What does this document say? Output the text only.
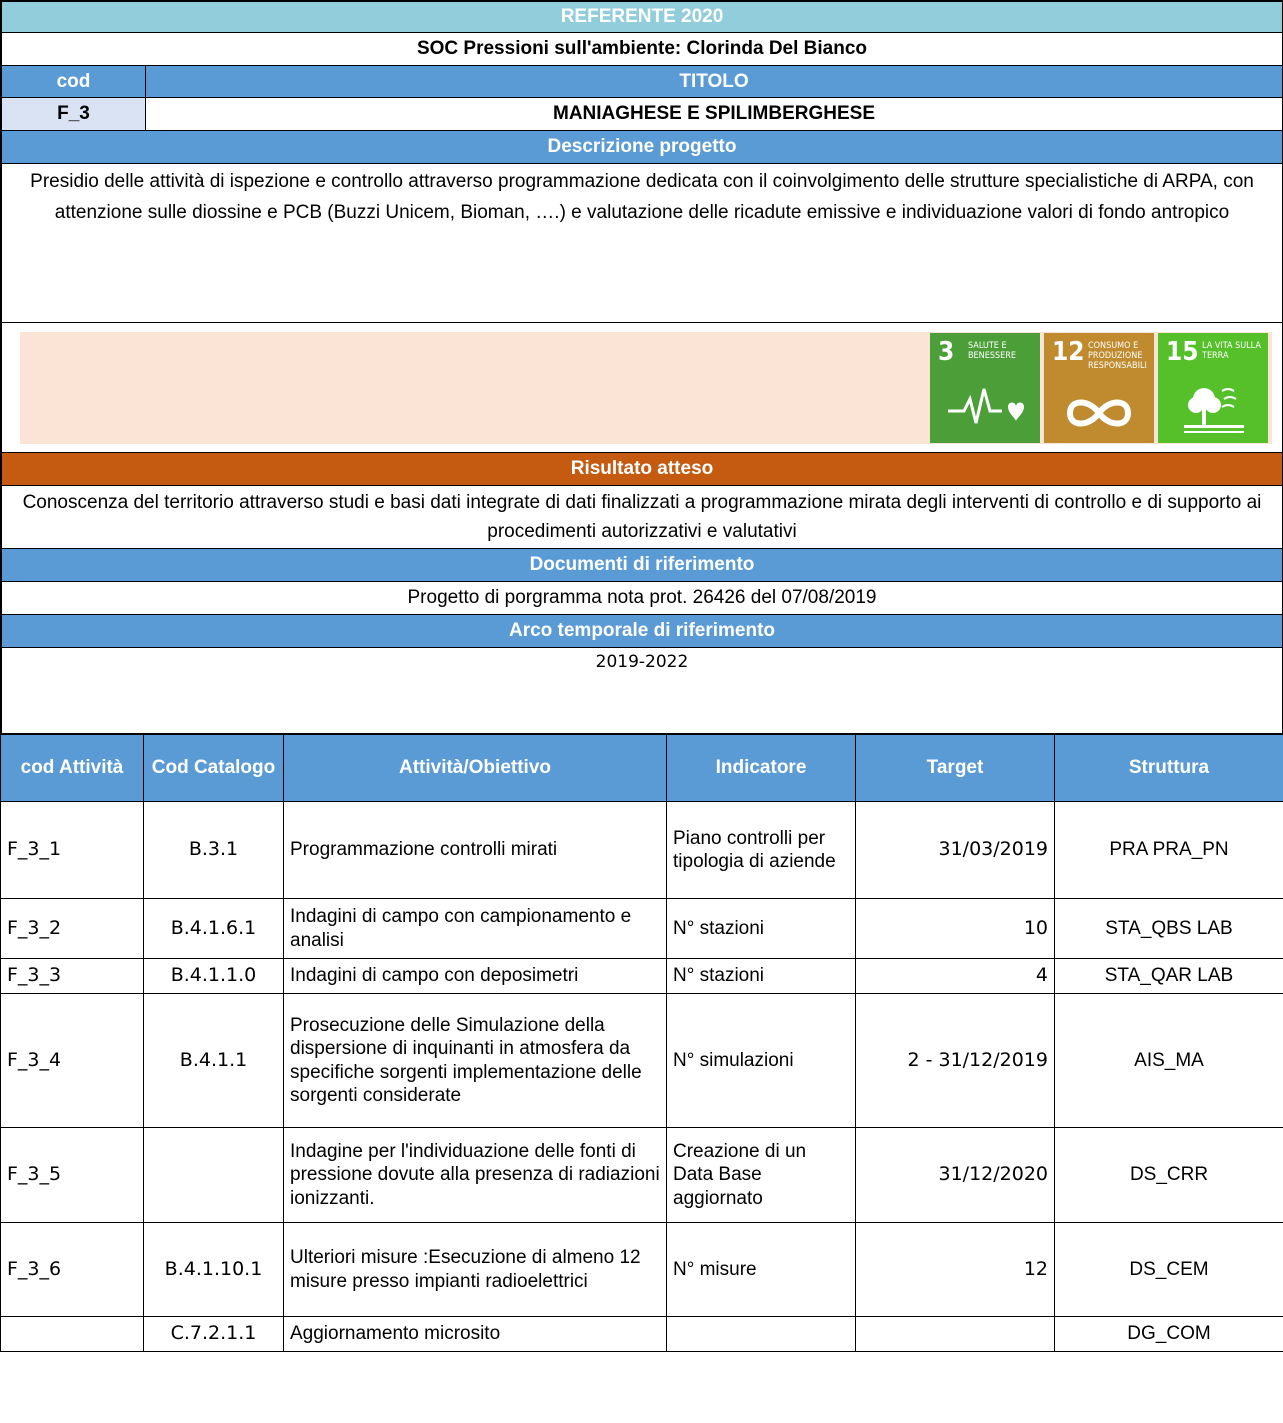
REFERENTE 2020
SOC Pressioni sull'ambiente: Clorinda Del Bianco
cod	TITOLO
F_3	MANIAGHESE E SPILIMBERGHESE
Descrizione progetto
Presidio delle attività di ispezione e controllo attraverso programmazione dedicata con il coinvolgimento delle strutture specialistiche di ARPA, con attenzione sulle diossine e PCB (Buzzi Unicem, Bioman, ….) e valutazione delle ricadute emissive e individuazione valori di fondo antropico
3 SALUTE E BENESSERE	12 CONSUMO E PRODUZIONE RESPONSABILI 15 LA VITA SULLA TERRA
Risultato atteso
Conoscenza del territorio attraverso studi e basi dati integrate di dati finalizzati a programmazione mirata degli interventi di controllo e di supporto ai procedimenti autorizzativi e valutativi
Documenti di riferimento
Progetto di porgramma nota prot. 26426 del 07/08/2019
Arco temporale di riferimento
2019-2022
cod Attività	Cod Catalogo	Attività/Obiettivo	Indicatore	Target	Struttura
F_3_1	B.3.1	Programmazione controlli mirati	Piano controlli per tipologia di aziende	31/03/2019	PRA PRA_PN
F_3_2	B.4.1.6.1	Indagini di campo con campionamento e analisi	N° stazioni	10	STA_QBS LAB
F_3_3	B.4.1.1.0	Indagini di campo con deposimetri	N° stazioni	4	STA_QAR LAB
F_3_4	B.4.1.1	Prosecuzione delle Simulazione della dispersione di inquinanti in atmosfera da specifiche sorgenti implementazione delle sorgenti considerate	N° simulazioni	2 - 31/12/2019	AIS_MA
F_3_5		Indagine per l'individuazione delle fonti di pressione dovute alla presenza di radiazioni ionizzanti.	Creazione di un Data Base aggiornato	31/12/2020	DS_CRR
F_3_6	B.4.1.10.1	Ulteriori misure :Esecuzione di almeno 12 misure presso impianti radioelettrici	N° misure	12	DS_CEM
	C.7.2.1.1	Aggiornamento microsito			DG_COM
